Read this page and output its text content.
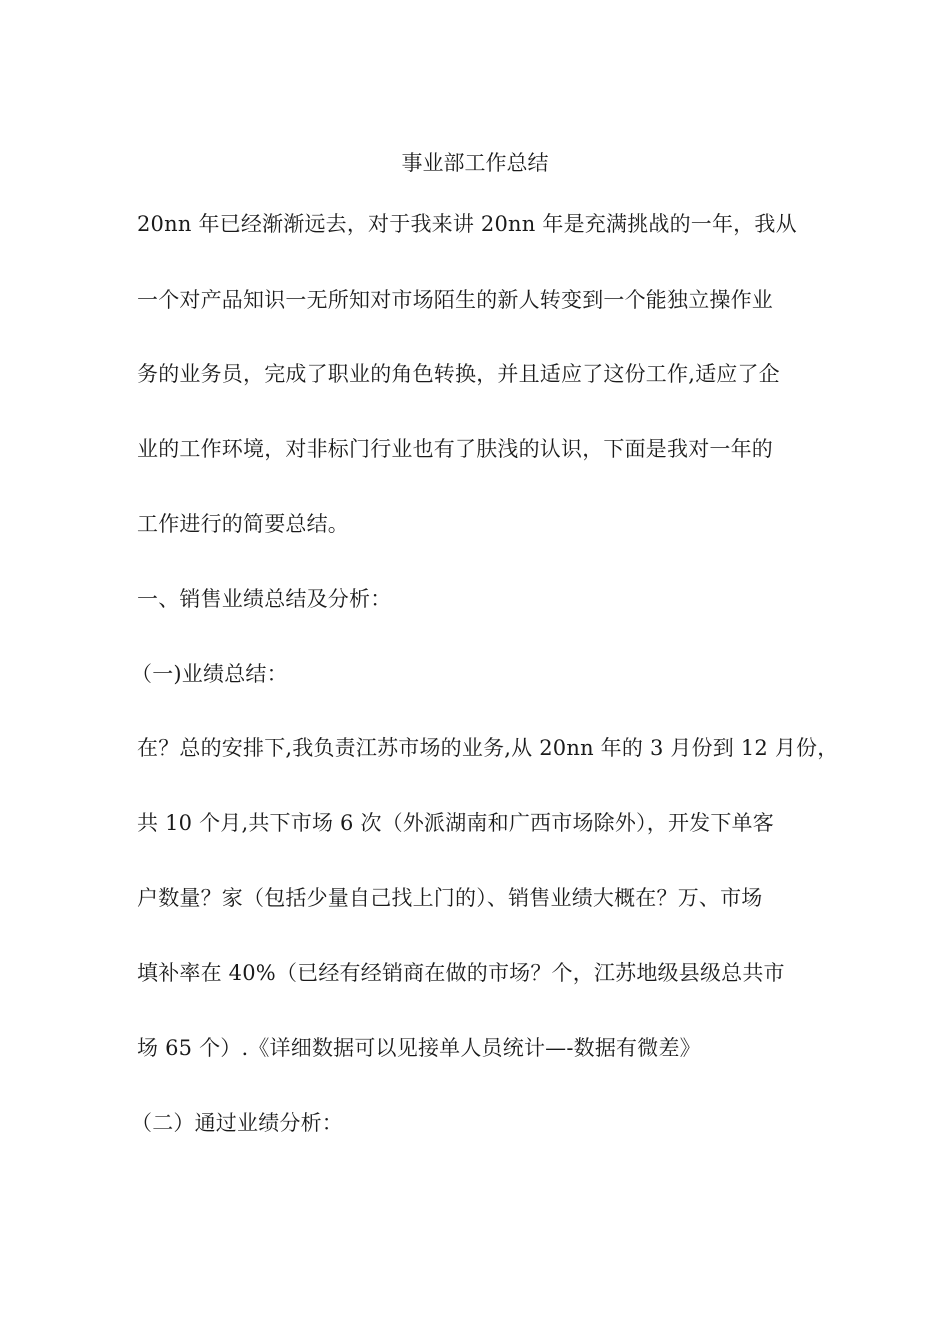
事业部工作总结
20nn 年已经渐渐远去，对于我来讲 20nn 年是充满挑战的一年，我从
一个对产品知识一无所知对市场陌生的新人转变到一个能独立操作业
务的业务员，完成了职业的角色转换，并且适应了这份工作,适应了企
业的工作环境，对非标门行业也有了肤浅的认识，下面是我对一年的
工作进行的简要总结。
一、销售业绩总结及分析：
（一)业绩总结：
在？总的安排下,我负责江苏市场的业务,从 20nn 年的 3 月份到 12 月份，
共 10 个月,共下市场 6 次（外派湖南和广西市场除外），开发下单客
户数量？家（包括少量自己找上门的）、销售业绩大概在？万、市场
填补率在 40%（已经有经销商在做的市场？个，江苏地级县级总共市
场 65 个）.《详细数据可以见接单人员统计—-数据有微差》
（二）通过业绩分析：
